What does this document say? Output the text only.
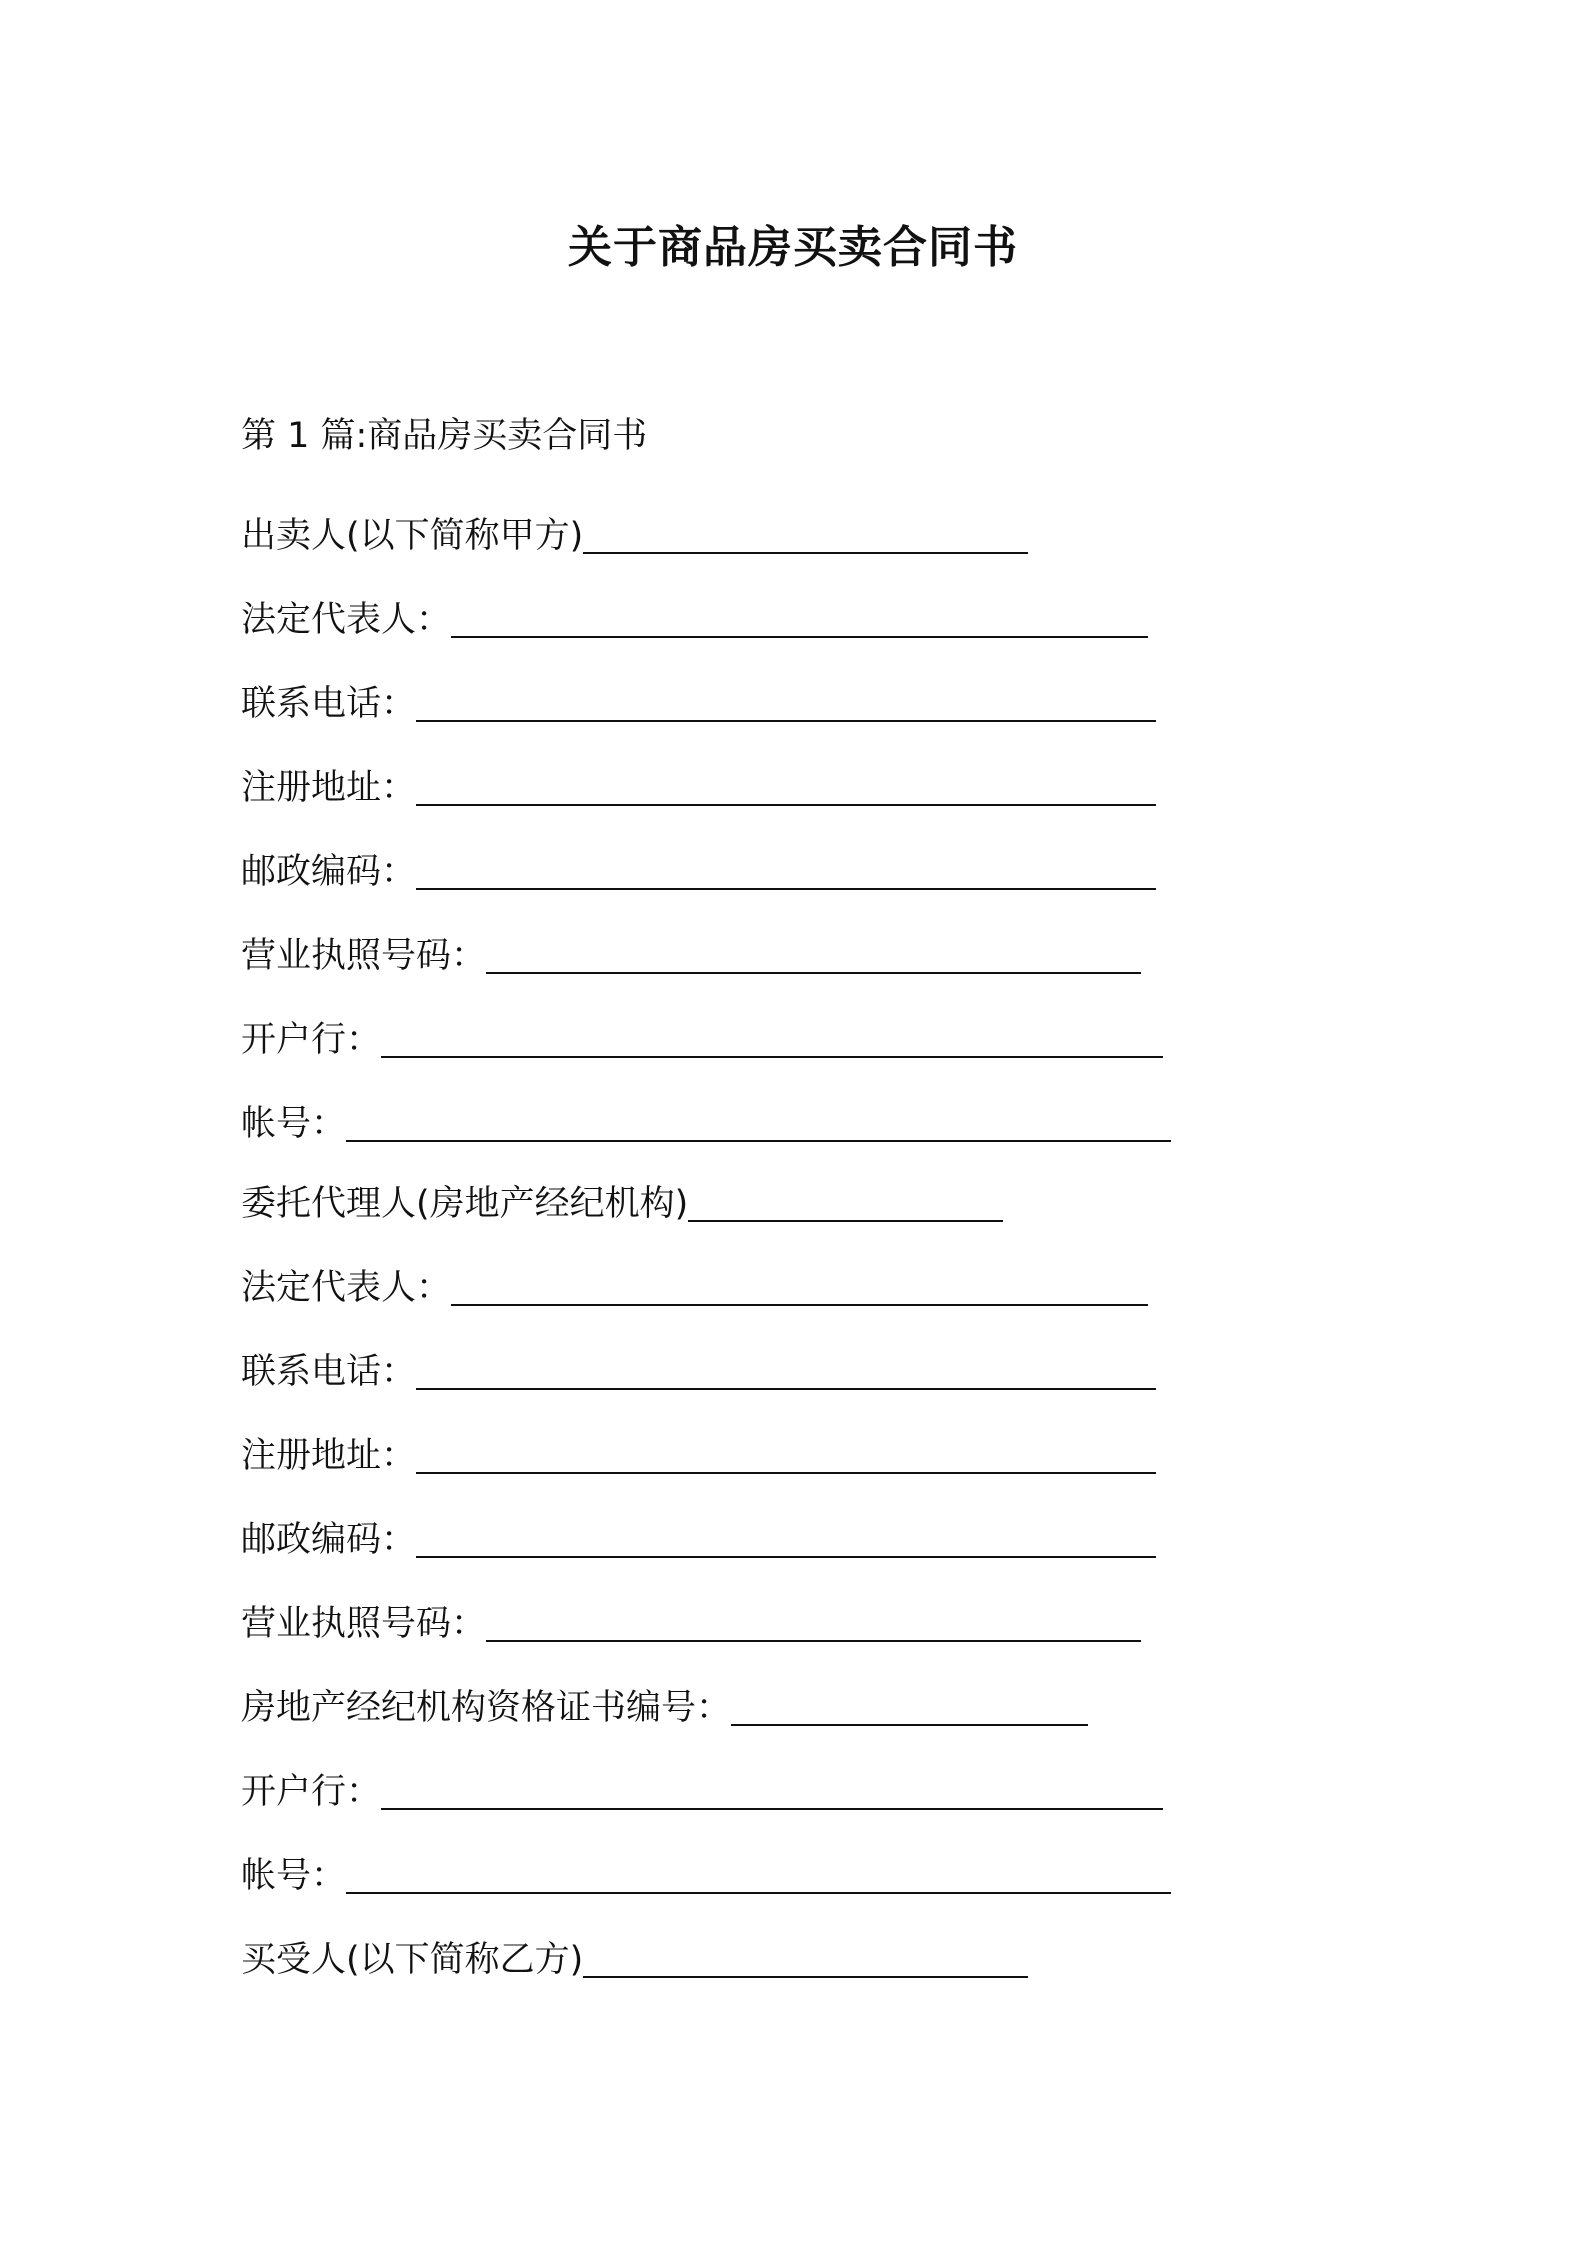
关于商品房买卖合同书
第 1 篇:商品房买卖合同书
出卖人(以下简称甲方)
法定代表人：
联系电话：
注册地址：
邮政编码：
营业执照号码：
开户行：
帐号：
委托代理人(房地产经纪机构)
法定代表人：
联系电话：
注册地址：
邮政编码：
营业执照号码：
房地产经纪机构资格证书编号：
开户行：
帐号：
买受人(以下简称乙方)
